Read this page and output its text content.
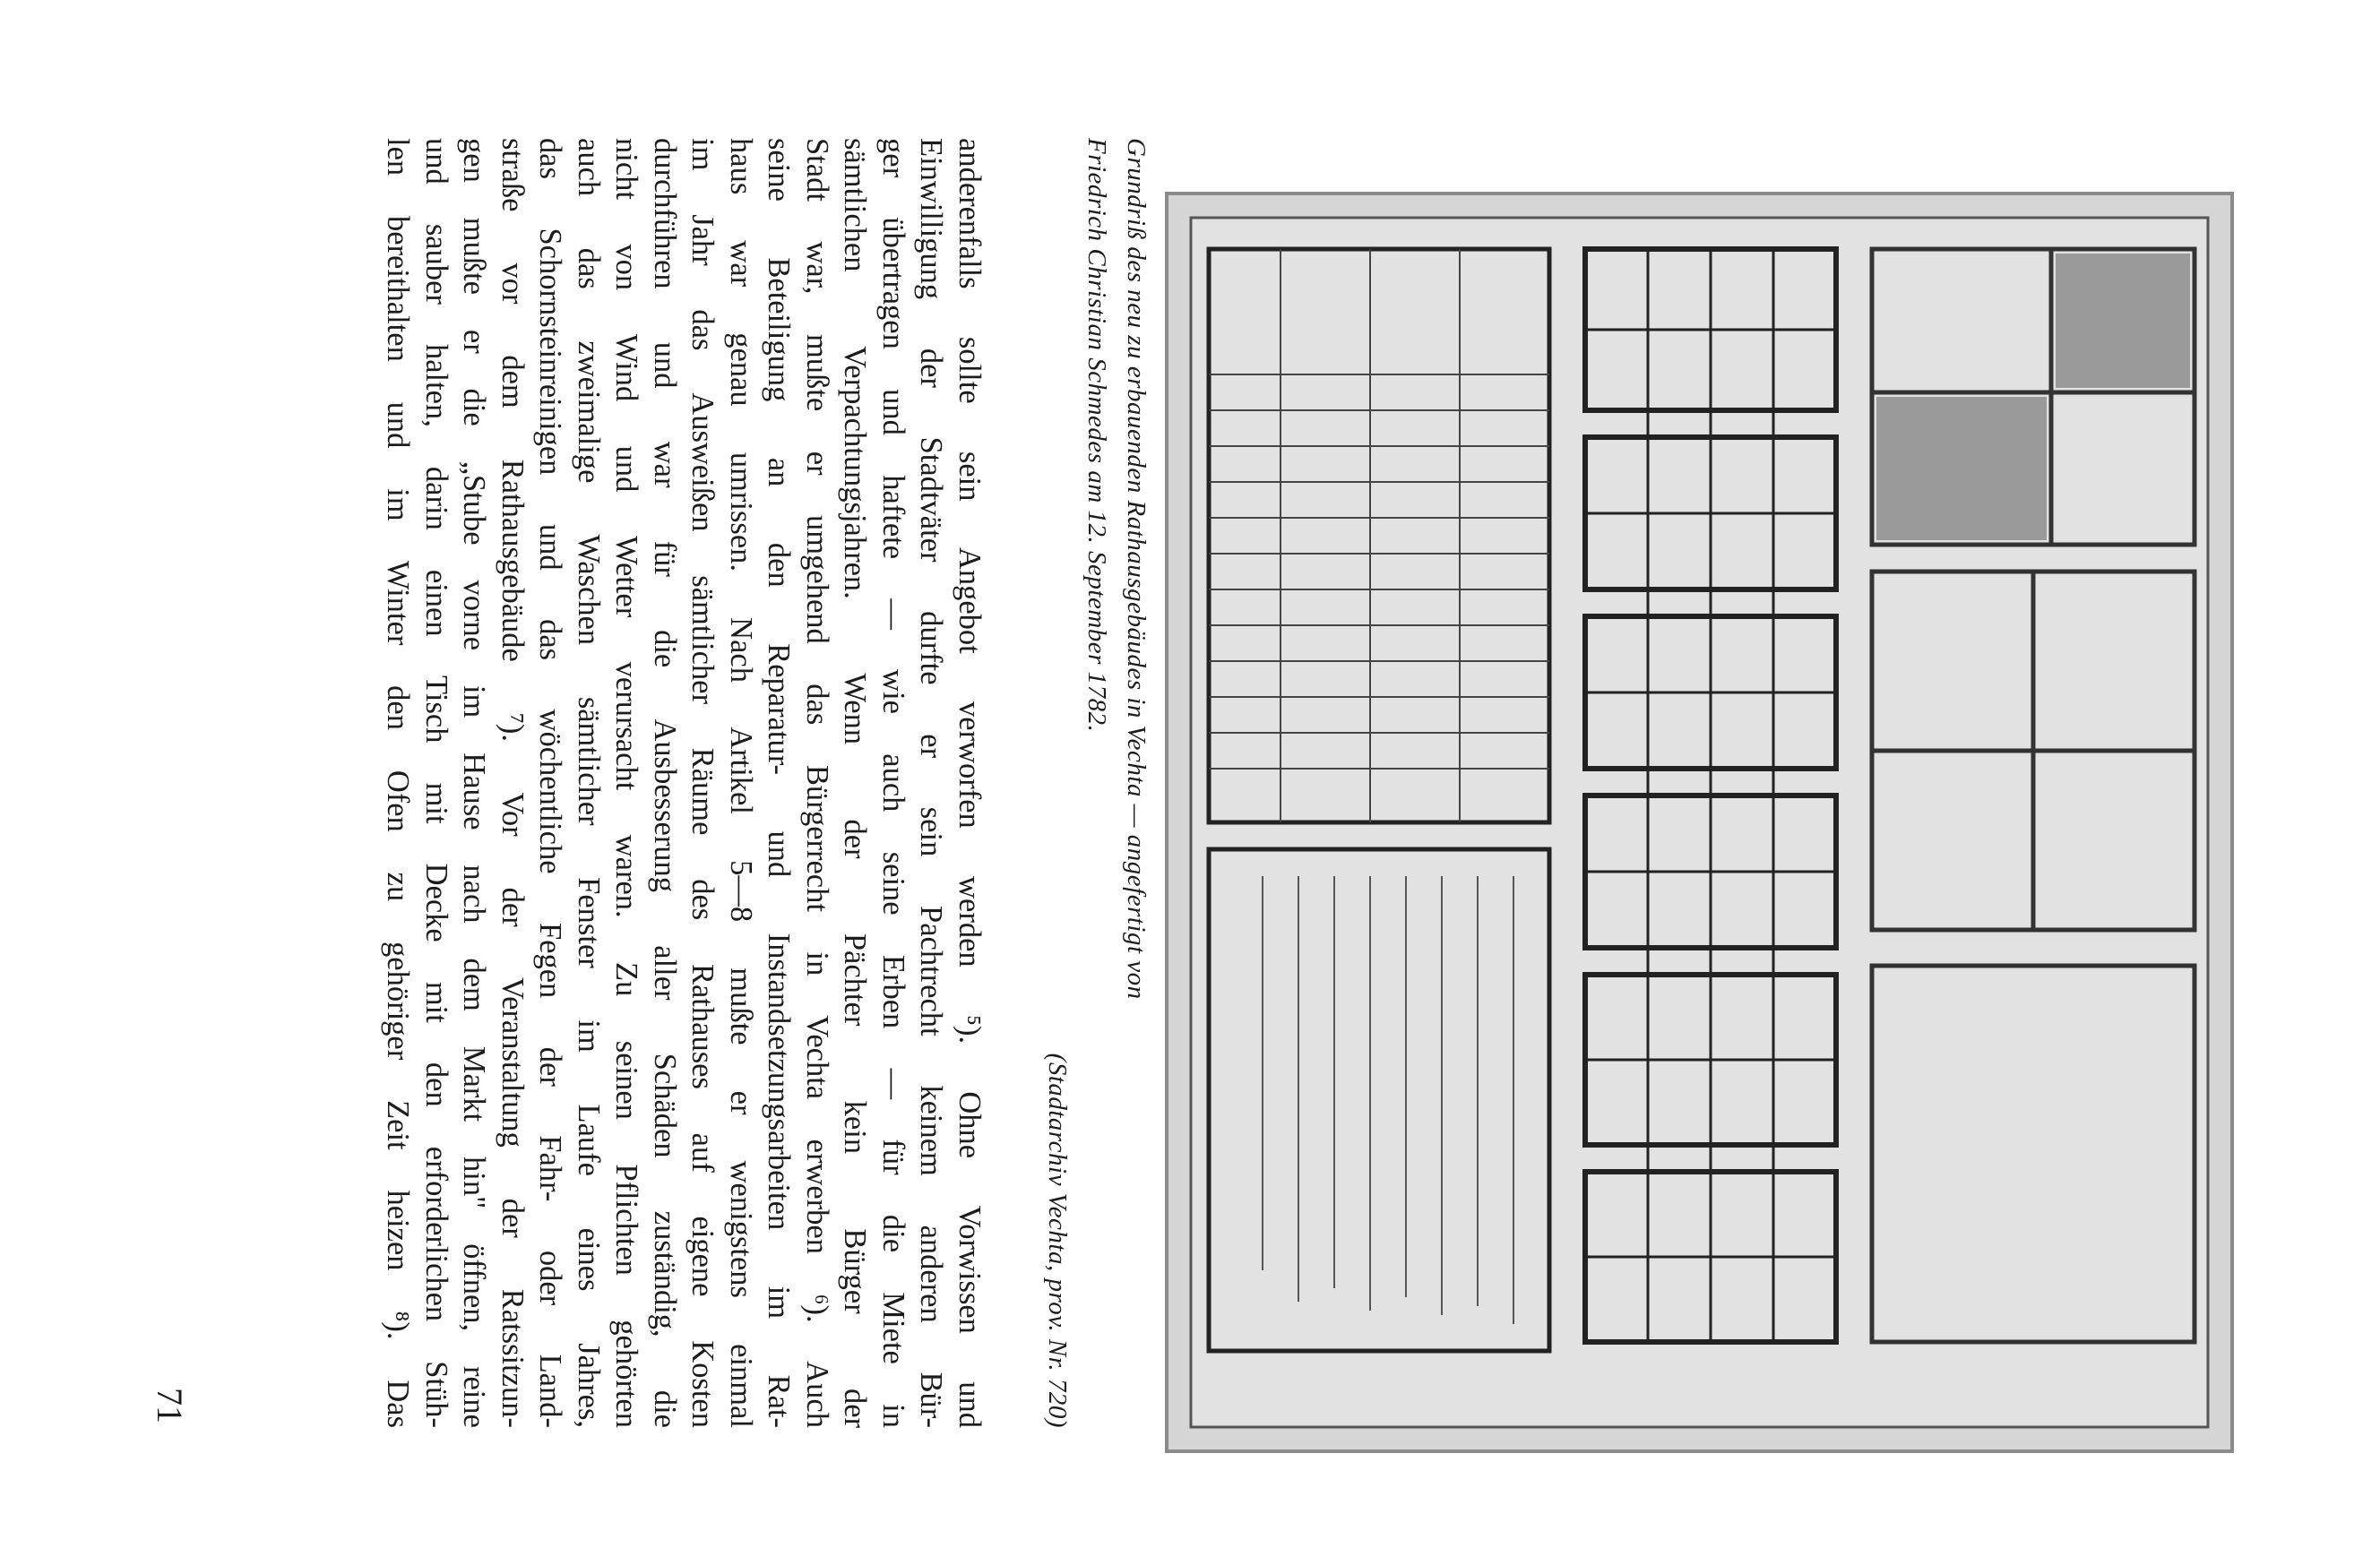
Grundriß des neu zu erbauenden Rathausgebäudes in Vechta — angefertigt von
Friedrich Christian Schmedes am 12. September 1782.
(Stadtarchiv Vechta, prov. Nr. 720)
anderenfalls sollte sein Angebot verworfen werden ⁵). Ohne Vorwissen und
Einwilligung der Stadtväter durfte er sein Pachtrecht keinem anderen Bür-
ger übertragen und haftete — wie auch seine Erben — für die Miete in
sämtlichen Verpachtungsjahren. Wenn der Pächter kein Bürger der
Stadt war, mußte er umgehend das Bürgerrecht in Vechta erwerben ⁶). Auch
seine Beteiligung an den Reparatur- und Instandsetzungsarbeiten im Rat-
haus war genau umrissen. Nach Artikel 5—8 mußte er wenigstens einmal
im Jahr das Ausweißen sämtlicher Räume des Rathauses auf eigene Kosten
durchführen und war für die Ausbesserung aller Schäden zuständig, die
nicht von Wind und Wetter verursacht waren. Zu seinen Pflichten gehörten
auch das zweimalige Waschen sämtlicher Fenster im Laufe eines Jahres,
das Schornsteinreinigen und das wöchentliche Fegen der Fahr- oder Land-
straße vor dem Rathausgebäude ⁷). Vor der Veranstaltung der Ratssitzun-
gen mußte er die „Stube vorne im Hause nach dem Markt hin" öffnen, reine
und sauber halten, darin einen Tisch mit Decke mit den erforderlichen Stüh-
len bereithalten und im Winter den Ofen zu gehöriger Zeit heizen ⁸). Das
71
